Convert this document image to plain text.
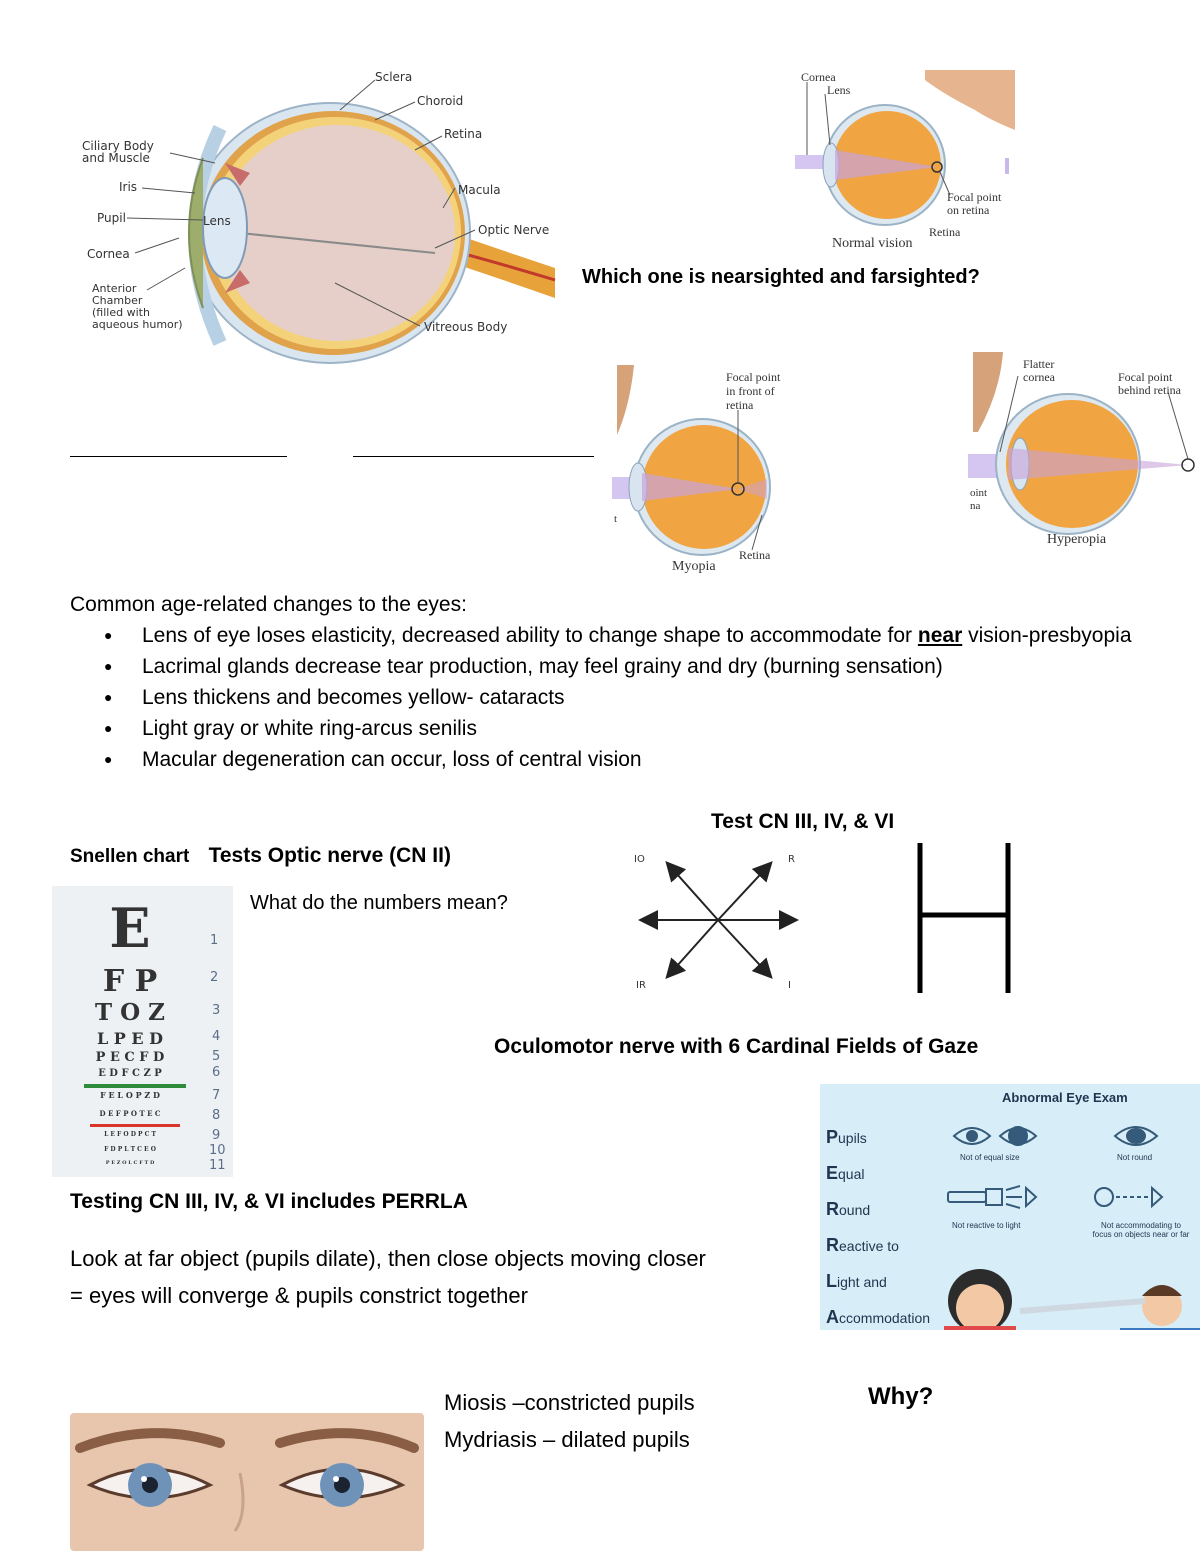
Sclera
Choroid
Retina
Ciliary Body
and Muscle
Iris
Pupil	Lens
Macula
Optic Nerve
Cornea
Anterior
Chamber
(filled with
aqueous humor)	Vitreous Body
Cornea
Lens
Focal point
on retina
Retina
Normal vision
Which one is nearsighted and farsighted?
Focal point
in front of
retina
t
Retina
Myopia
Flatter
cornea	Focal point
behind retina
oint
na
Hyperopia
Common age-related changes to the eyes:
● Lens of eye loses elasticity, decreased ability to change shape to accommodate for near vision-presbyopia
● Lacrimal glands decrease tear production, may feel grainy and dry (burning sensation)
● Lens thickens and becomes yellow- cataracts
● Light gray or white ring-arcus senilis
● Macular degeneration can occur, loss of central vision
Test CN III, IV, & VI
IO	R
IR	I
Snellen chart Tests Optic nerve (CN II)
What do the numbers mean?
E
F P
T O Z
L P E D
P E C F D
E D F C Z P
F E L O P Z D
D E F P O T E C
L E F O D P C T
F D P L T C E O
P E Z O L C F T D
1
2
3
4
5
6
7
8
9
10
11
Oculomotor nerve with 6 Cardinal Fields of Gaze
Abnormal Eye Exam
Pupils
Equal
Round
Reactive to
Light and
Accommodation
Not of equal size	Not round
Not reactive to light	Not accommodating to
focus on objects near or far
Testing CN III, IV, & VI includes PERRLA
Look at far object (pupils dilate), then close objects moving closer
= eyes will converge & pupils constrict together
Miosis –constricted pupils
Mydriasis – dilated pupils
Why?
